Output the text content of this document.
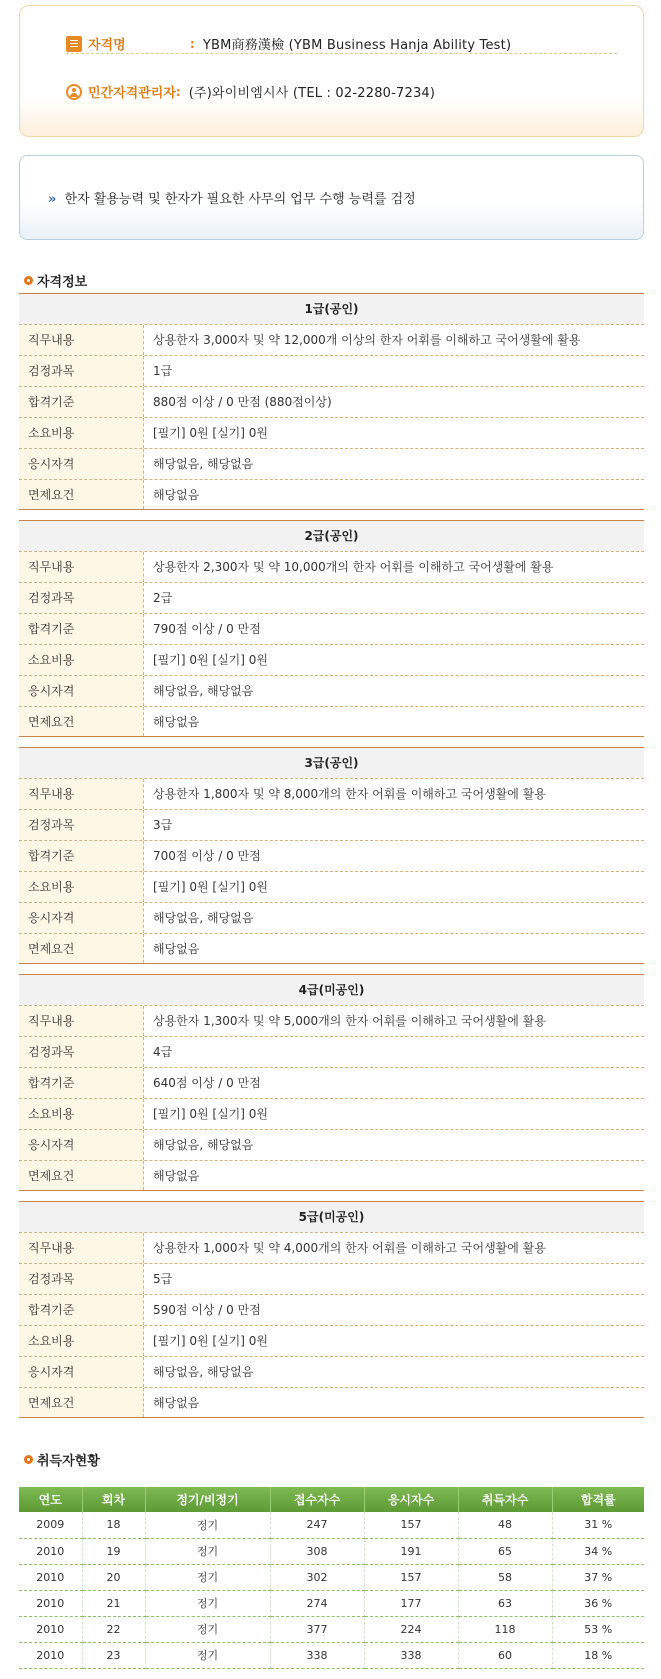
자격명	: YBM商務漢檢 (YBM Business Hanja Ability Test)
민간자격관리자 : (주)와이비엠시사 (TEL : 02-2280-7234)
» 한자 활용능력 및 한자가 필요한 사무의 업무 수행 능력를 검정
자격정보
1급(공인)
직무내용	상용한자 3,000자 및 약 12,000개 이상의 한자 어휘를 이해하고 국어생활에 활용
검정과목	1급
합격기준	880점 이상 / 0 만점 (880점이상)
소요비용	[필기] 0원 [실기] 0원
응시자격	해당없음, 해당없음
면제요건	해당없음
2급(공인)
직무내용	상용한자 2,300자 및 약 10,000개의 한자 어휘를 이해하고 국어생활에 활용
검정과목	2급
합격기준	790점 이상 / 0 만점
소요비용	[필기] 0원 [실기] 0원
응시자격	해당없음, 해당없음
면제요건	해당없음
3급(공인)
직무내용	상용한자 1,800자 및 약 8,000개의 한자 어휘를 이해하고 국어생활에 활용
검정과목	3급
합격기준	700점 이상 / 0 만점
소요비용	[필기] 0원 [실기] 0원
응시자격	해당없음, 해당없음
면제요건	해당없음
4급(미공인)
직무내용	상용한자 1,300자 및 약 5,000개의 한자 어휘를 이해하고 국어생활에 활용
검정과목	4급
합격기준	640점 이상 / 0 만점
소요비용	[필기] 0원 [실기] 0원
응시자격	해당없음, 해당없음
면제요건	해당없음
5급(미공인)
직무내용	상용한자 1,000자 및 약 4,000개의 한자 어휘를 이해하고 국어생활에 활용
검정과목	5급
합격기준	590점 이상 / 0 만점
소요비용	[필기] 0원 [실기] 0원
응시자격	해당없음, 해당없음
면제요건	해당없음
취득자현황
연도	회차	정기/비정기	접수자수	응시자수	취득자수	합격률
2009	18	정기	247	157	48	31 %
2010	19	정기	308	191	65	34 %
2010	20	정기	302	157	58	37 %
2010	21	정기	274	177	63	36 %
2010	22	정기	377	224	118	53 %
2010	23	정기	338	338	60	18 %
